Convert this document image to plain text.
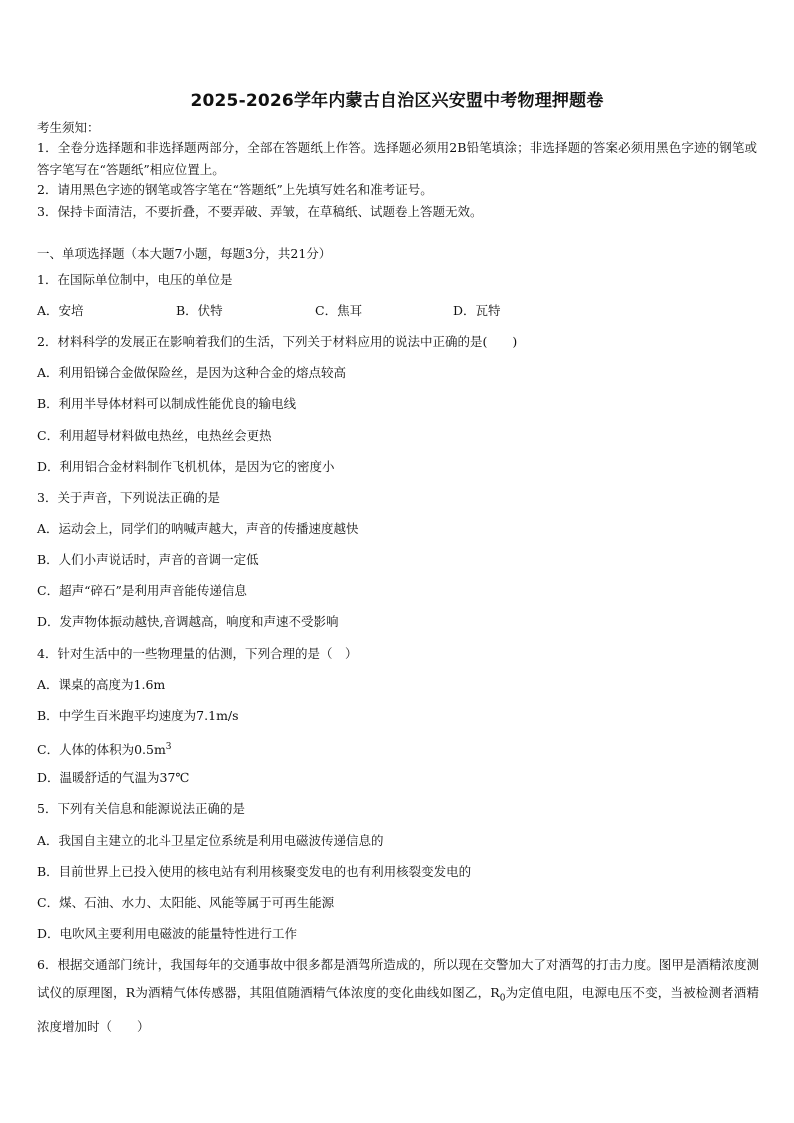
2025-2026学年内蒙古自治区兴安盟中考物理押题卷
考生须知：
1．全卷分选择题和非选择题两部分，全部在答题纸上作答。选择题必须用2B铅笔填涂；非选择题的答案必须用黑色字迹的钢笔或答字笔写在“答题纸”相应位置上。
2．请用黑色字迹的钢笔或答字笔在“答题纸”上先填写姓名和准考证号。
3．保持卡面清洁，不要折叠，不要弄破、弄皱，在草稿纸、试题卷上答题无效。
一、单项选择题（本大题7小题，每题3分，共21分）
1．在国际单位制中，电压的单位是
A．安培	B．伏特	C．焦耳	D．瓦特
2．材料科学的发展正在影响着我们的生活，下列关于材料应用的说法中正确的是(　　)
A．利用铅锑合金做保险丝，是因为这种合金的熔点较高
B．利用半导体材料可以制成性能优良的输电线
C．利用超导材料做电热丝，电热丝会更热
D．利用铝合金材料制作飞机机体，是因为它的密度小
3．关于声音，下列说法正确的是
A．运动会上，同学们的呐喊声越大，声音的传播速度越快
B．人们小声说话时，声音的音调一定低
C．超声“碎石”是利用声音能传递信息
D．发声物体振动越快,音调越高，响度和声速不受影响
4．针对生活中的一些物理量的估测，下列合理的是（　）
A．课桌的高度为1.6m
B．中学生百米跑平均速度为7.1m/s
C．人体的体积为$0.5m^3$
D．温暖舒适的气温为37℃
5．下列有关信息和能源说法正确的是
A．我国自主建立的北斗卫星定位系统是利用电磁波传递信息的
B．目前世界上已投入使用的核电站有利用核聚变发电的也有利用核裂变发电的
C．煤、石油、水力、太阳能、风能等属于可再生能源
D．电吹风主要利用电磁波的能量特性进行工作
6．根据交通部门统计，我国每年的交通事故中很多都是酒驾所造成的，所以现在交警加大了对酒驾的打击力度。图甲是酒精浓度测试仪的原理图，R为酒精气体传感器，其阻值随酒精气体浓度的变化曲线如图乙，$R_0$为定值电阻，电源电压不变，当被检测者酒精浓度增加时（　　）
